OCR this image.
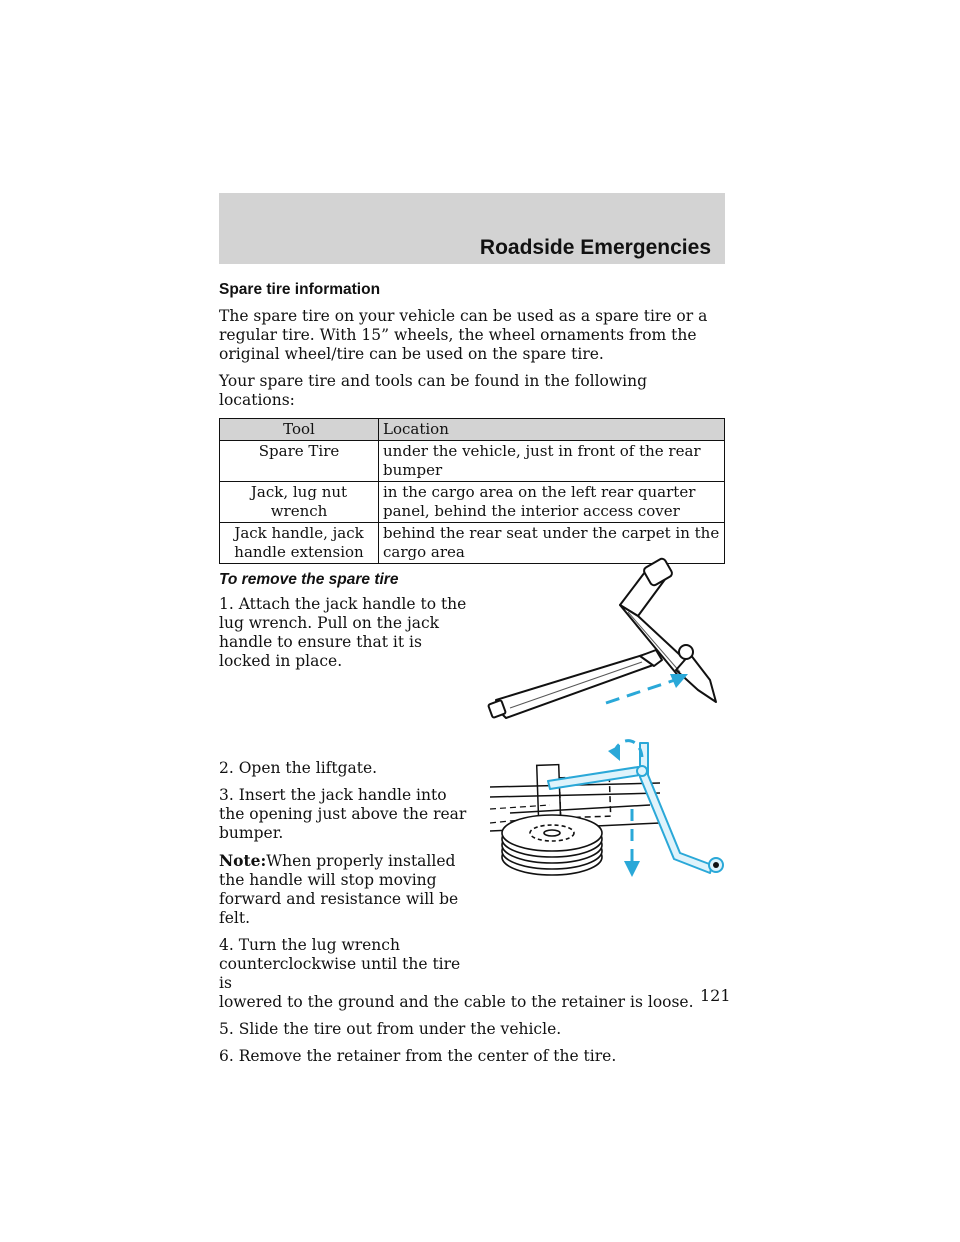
Roadside Emergencies
Spare tire information

The spare tire on your vehicle can be used as a spare tire or a regular tire. With 15” wheels, the wheel ornaments from the original wheel/tire can be used on the spare tire.

Your spare tire and tools can be found in the following locations:

Tool	Location
Spare Tire	under the vehicle, just in front of the rear bumper
Jack, lug nut wrench	in the cargo area on the left rear quarter panel, behind the interior access cover
Jack handle, jack handle extension	behind the rear seat under the carpet in the cargo area
To remove the spare tire

1. Attach the jack handle to the lug wrench. Pull on the jack handle to ensure that it is locked in place.

2. Open the liftgate.

3. Insert the jack handle into the opening just above the rear bumper.

Note:When properly installed the handle will stop moving forward and resistance will be felt.

4. Turn the lug wrench counterclockwise until the tire is
lowered to the ground and the cable to the retainer is loose.

5. Slide the tire out from under the vehicle.

6. Remove the retainer from the center of the tire.

121
